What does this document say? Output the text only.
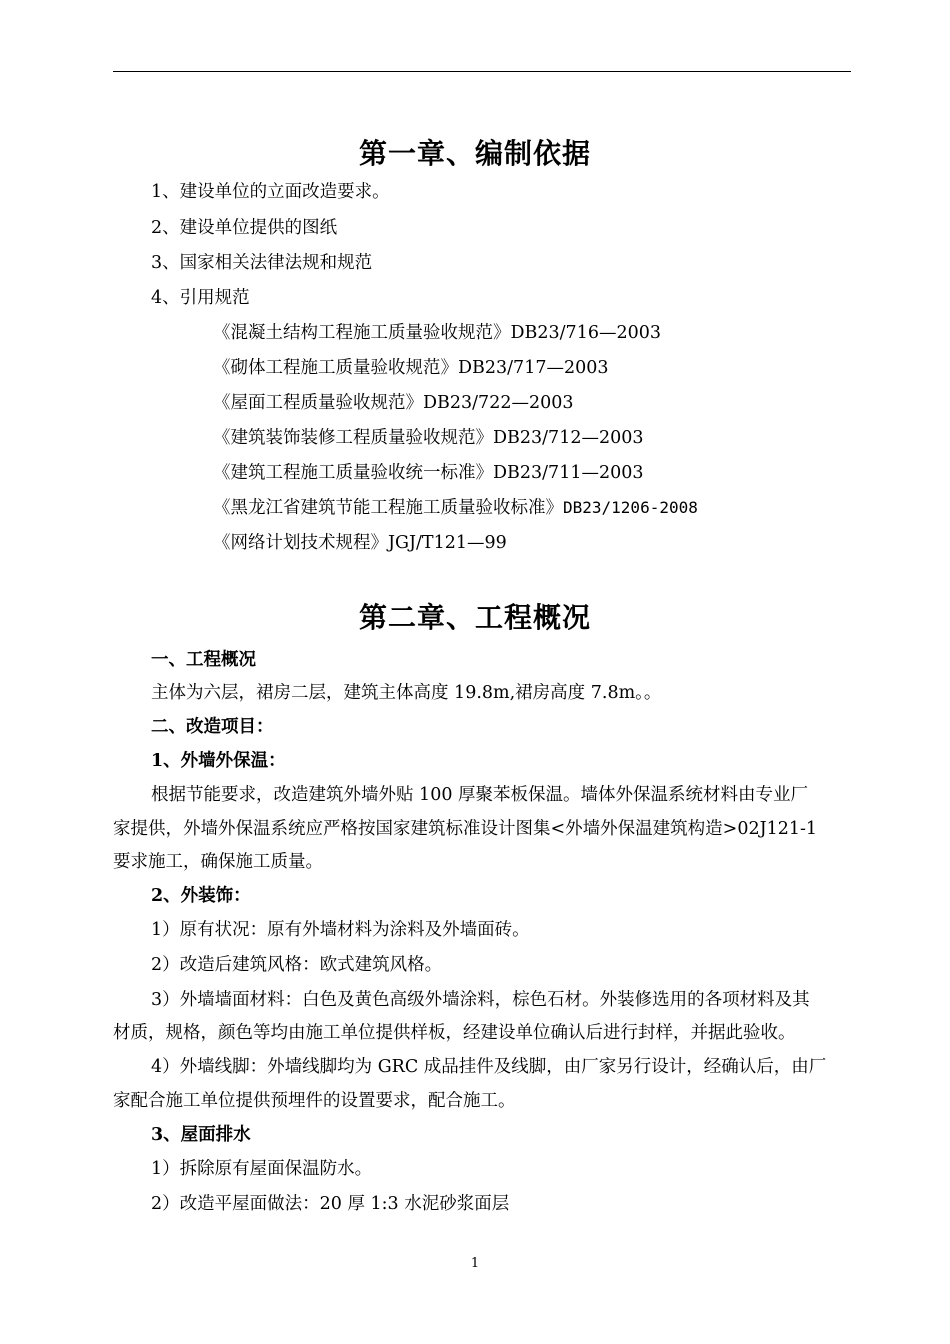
第一章、编制依据
1、建设单位的立面改造要求。
2、建设单位提供的图纸
3、国家相关法律法规和规范
4、引用规范
《混凝土结构工程施工质量验收规范》DB23/716—2003
《砌体工程施工质量验收规范》DB23/717—2003
《屋面工程质量验收规范》DB23/722—2003
《建筑装饰装修工程质量验收规范》DB23/712—2003
《建筑工程施工质量验收统一标准》DB23/711—2003
《黑龙江省建筑节能工程施工质量验收标准》DB23/1206-2008
《网络计划技术规程》JGJ/T121—99
第二章、工程概况
一、工程概况
主体为六层，裙房二层，建筑主体高度 19.8m,裙房高度 7.8m。。
二、改造项目：
1、外墙外保温：
根据节能要求，改造建筑外墙外贴 100 厚聚苯板保温。墙体外保温系统材料由专业厂
家提供，外墙外保温系统应严格按国家建筑标准设计图集<外墙外保温建筑构造>02J121-1
要求施工，确保施工质量。
2、外装饰：
1）原有状况：原有外墙材料为涂料及外墙面砖。
2）改造后建筑风格：欧式建筑风格。
3）外墙墙面材料：白色及黄色高级外墙涂料，棕色石材。外装修选用的各项材料及其
材质，规格，颜色等均由施工单位提供样板，经建设单位确认后进行封样，并据此验收。
4）外墙线脚：外墙线脚均为 GRC 成品挂件及线脚，由厂家另行设计，经确认后，由厂
家配合施工单位提供预埋件的设置要求，配合施工。
3、屋面排水
1）拆除原有屋面保温防水。
2）改造平屋面做法：20 厚 1:3 水泥砂浆面层
1
